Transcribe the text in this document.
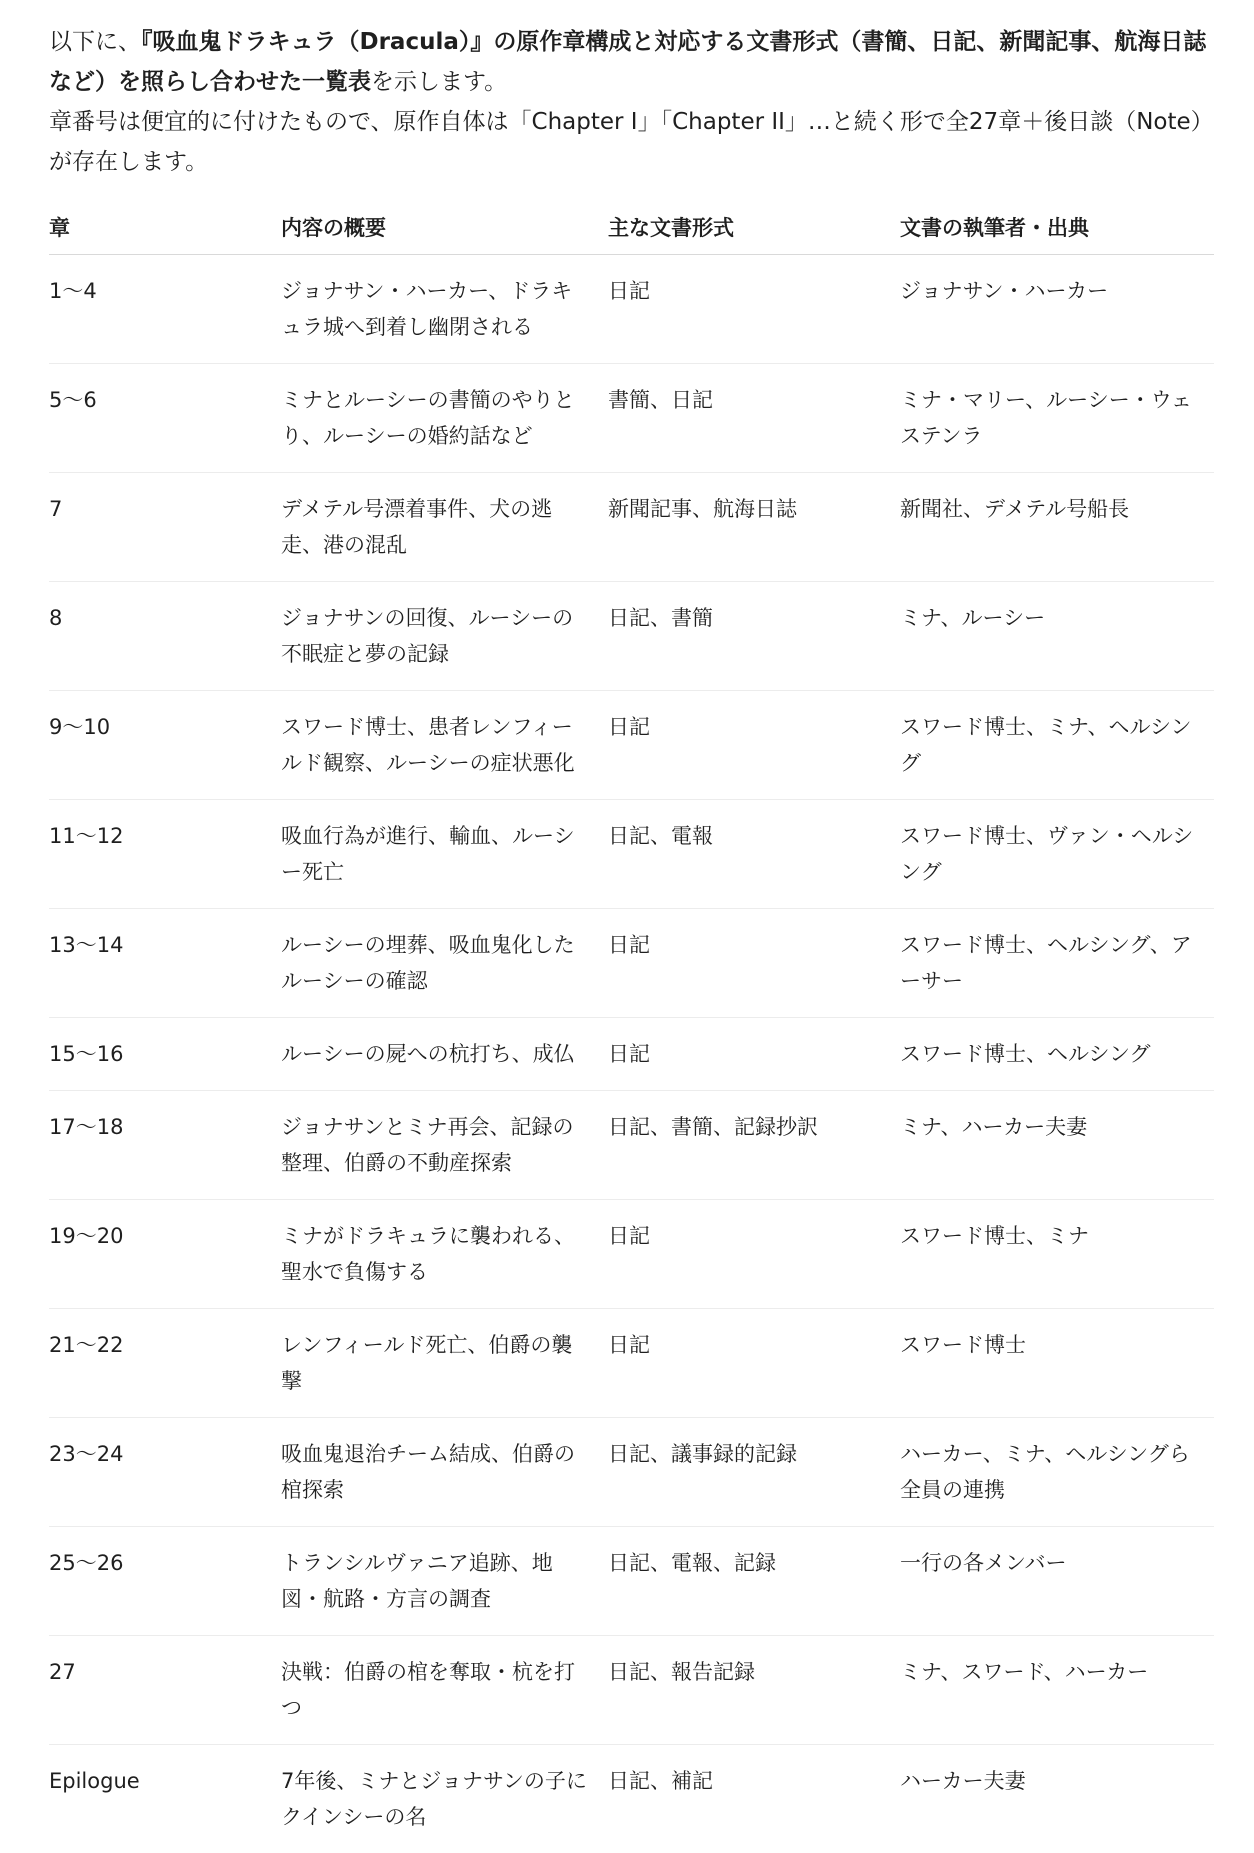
以下に、『吸血鬼ドラキュラ（Dracula）』の原作章構成と対応する文書形式（書簡、日記、新聞記事、航海日誌など）を照らし合わせた一覧表を示します。

章番号は便宜的に付けたもので、原作自体は「Chapter I」「Chapter II」…と続く形で全27章＋後日談（Note）が存在します。

章	内容の概要	主な文書形式	文書の執筆者・出典
1〜4	ジョナサン・ハーカー、ドラキュラ城へ到着し幽閉される	日記	ジョナサン・ハーカー
5〜6	ミナとルーシーの書簡のやりとり、ルーシーの婚約話など	書簡、日記	ミナ・マリー、ルーシー・ウェステンラ
7	デメテル号漂着事件、犬の逃走、港の混乱	新聞記事、航海日誌	新聞社、デメテル号船長
8	ジョナサンの回復、ルーシーの不眠症と夢の記録	日記、書簡	ミナ、ルーシー
9〜10	スワード博士、患者レンフィールド観察、ルーシーの症状悪化	日記	スワード博士、ミナ、ヘルシング
11〜12	吸血行為が進行、輸血、ルーシー死亡	日記、電報	スワード博士、ヴァン・ヘルシング
13〜14	ルーシーの埋葬、吸血鬼化したルーシーの確認	日記	スワード博士、ヘルシング、アーサー
15〜16	ルーシーの屍への杭打ち、成仏	日記	スワード博士、ヘルシング
17〜18	ジョナサンとミナ再会、記録の整理、伯爵の不動産探索	日記、書簡、記録抄訳	ミナ、ハーカー夫妻
19〜20	ミナがドラキュラに襲われる、聖水で負傷する	日記	スワード博士、ミナ
21〜22	レンフィールド死亡、伯爵の襲撃	日記	スワード博士
23〜24	吸血鬼退治チーム結成、伯爵の棺探索	日記、議事録的記録	ハーカー、ミナ、ヘルシングら全員の連携
25〜26	トランシルヴァニア追跡、地図・航路・方言の調査	日記、電報、記録	一行の各メンバー
27	決戦：伯爵の棺を奪取・杭を打つ	日記、報告記録	ミナ、スワード、ハーカー
Epilogue	7年後、ミナとジョナサンの子にクインシーの名	日記、補記	ハーカー夫妻
